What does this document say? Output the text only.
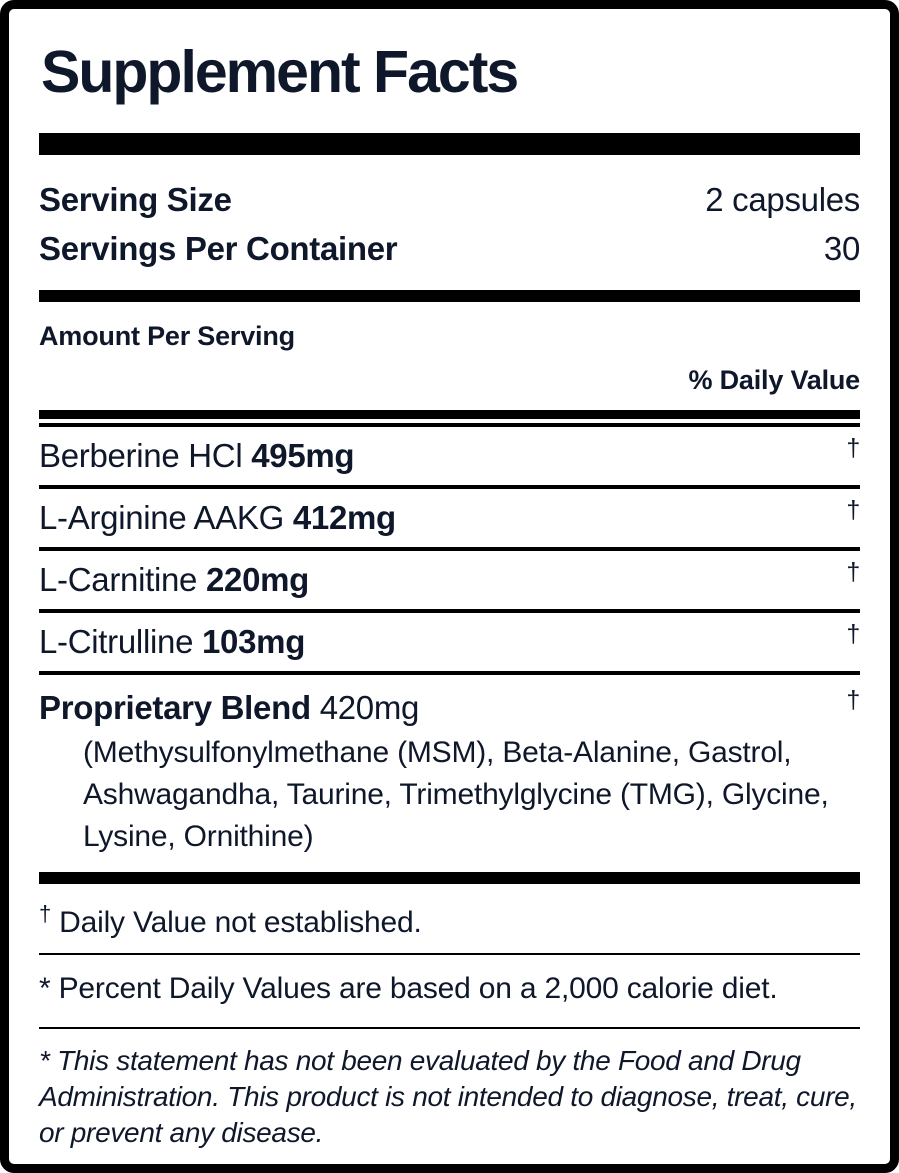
Supplement Facts
Serving Size	2 capsules
Servings Per Container	30
Amount Per Serving
% Daily Value
Berberine HCl 495mg	†
L-Arginine AAKG 412mg	†
L-Carnitine 220mg	†
L-Citrulline 103mg	†
Proprietary Blend 420mg	†
(Methysulfonylmethane (MSM), Beta-Alanine, Gastrol, Ashwagandha, Taurine, Trimethylglycine (TMG), Glycine, Lysine, Ornithine)
† Daily Value not established.
* Percent Daily Values are based on a 2,000 calorie diet.
* This statement has not been evaluated by the Food and Drug Administration. This product is not intended to diagnose, treat, cure, or prevent any disease.
